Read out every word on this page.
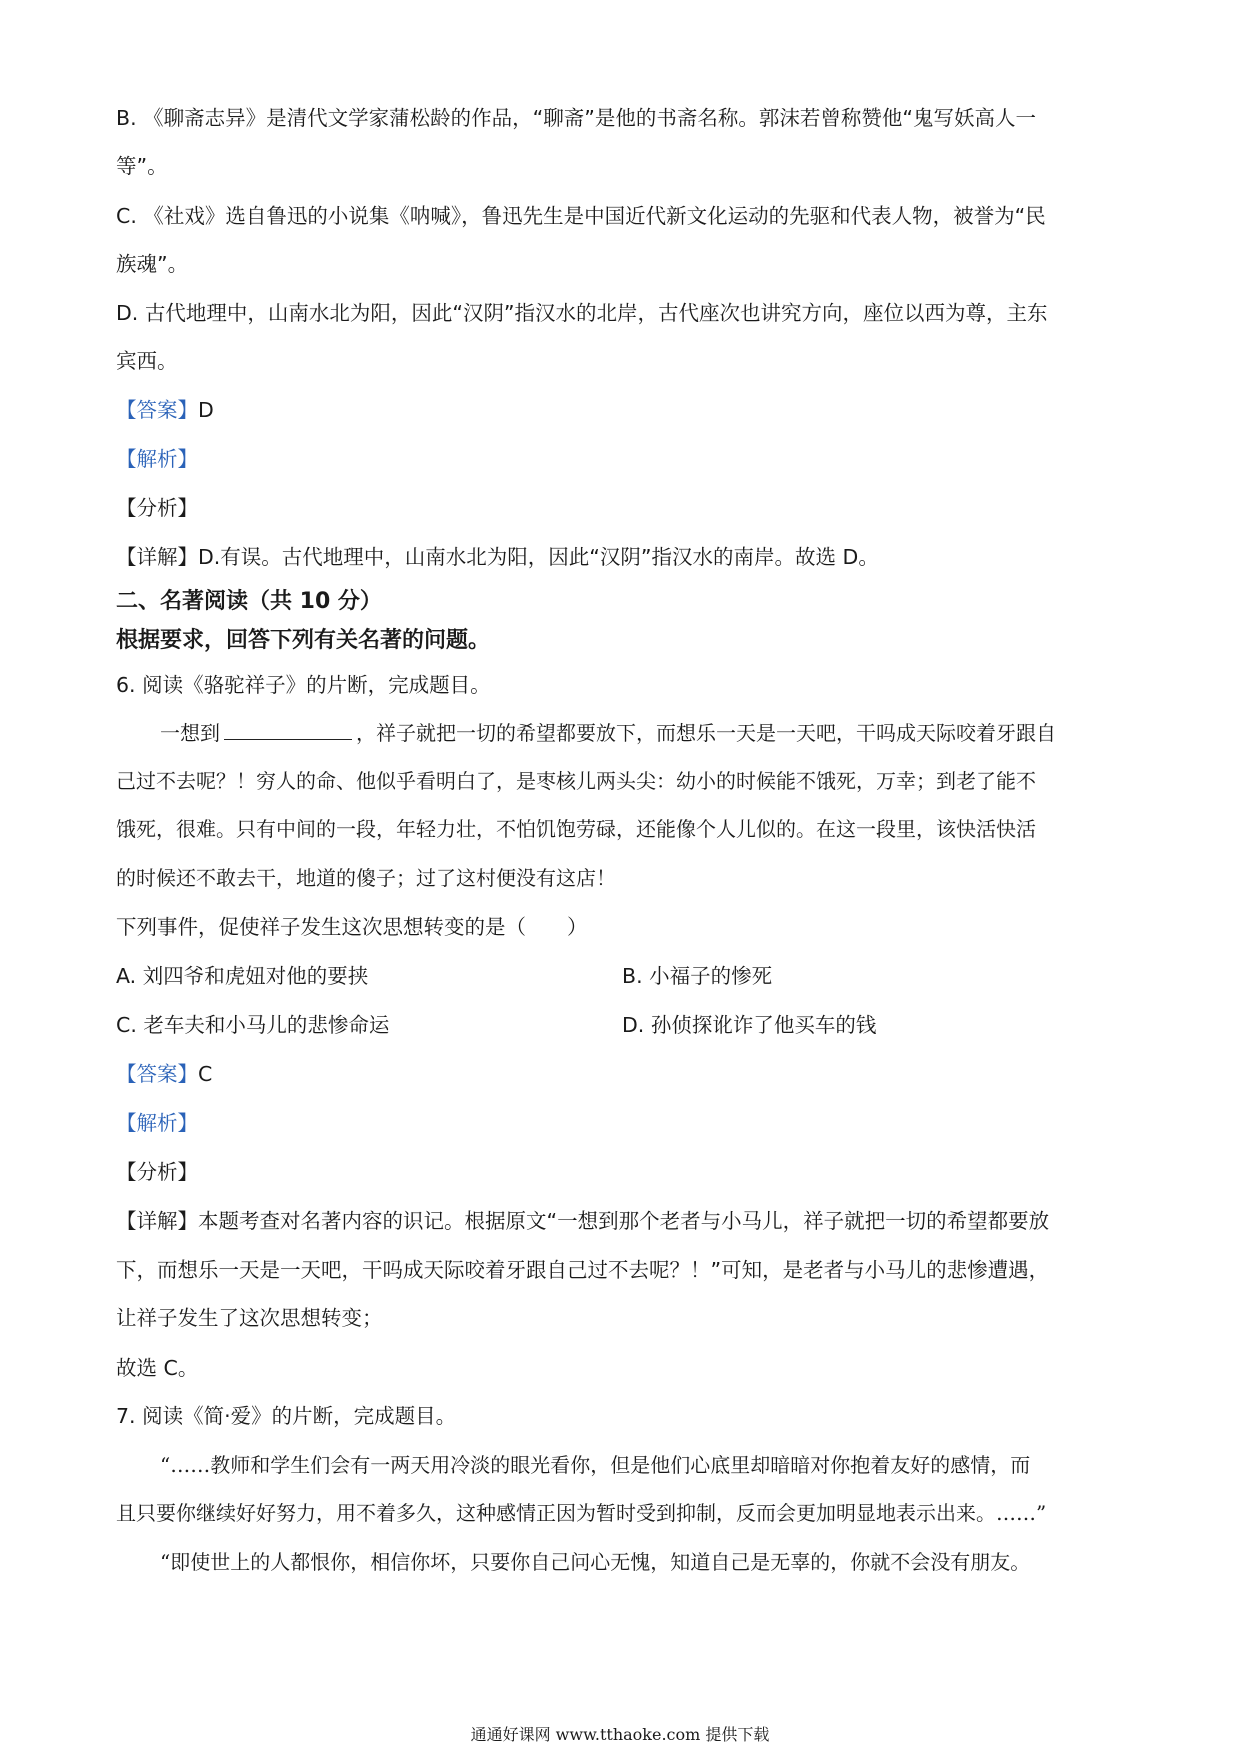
B. 《聊斋志异》是清代文学家蒲松龄的作品，“聊斋”是他的书斋名称。郭沫若曾称赞他“鬼写妖高人一
等”。
C. 《社戏》选自鲁迅的小说集《呐喊》，鲁迅先生是中国近代新文化运动的先驱和代表人物，被誉为“民
族魂”。
D. 古代地理中，山南水北为阳，因此“汉阴”指汉水的北岸，古代座次也讲究方向，座位以西为尊，主东
宾西。
【答案】D
【解析】
【分析】
【详解】D.有误。古代地理中，山南水北为阳，因此“汉阴”指汉水的南岸。故选 D。
二、名著阅读（共 10 分）
根据要求，回答下列有关名著的问题。
6. 阅读《骆驼祥子》的片断，完成题目。
一想到	，祥子就把一切的希望都要放下，而想乐一天是一天吧，干吗成天际咬着牙跟自
己过不去呢？！穷人的命、他似乎看明白了，是枣核儿两头尖：幼小的时候能不饿死，万幸；到老了能不
饿死，很难。只有中间的一段，年轻力壮，不怕饥饱劳碌，还能像个人儿似的。在这一段里，该快活快活
的时候还不敢去干，地道的傻子；过了这村便没有这店！
下列事件，促使祥子发生这次思想转变的是（　　）
A. 刘四爷和虎妞对他的要挟	B. 小福子的惨死
C. 老车夫和小马儿的悲惨命运	D. 孙侦探讹诈了他买车的钱
【答案】C
【解析】
【分析】
【详解】本题考查对名著内容的识记。根据原文“一想到那个老者与小马儿，祥子就把一切的希望都要放
下，而想乐一天是一天吧，干吗成天际咬着牙跟自己过不去呢？！”可知，是老者与小马儿的悲惨遭遇，
让祥子发生了这次思想转变；
故选 C。
7. 阅读《简·爱》的片断，完成题目。
“……教师和学生们会有一两天用冷淡的眼光看你，但是他们心底里却暗暗对你抱着友好的感情，而
且只要你继续好好努力，用不着多久，这种感情正因为暂时受到抑制，反而会更加明显地表示出来。……”
“即使世上的人都恨你，相信你坏，只要你自己问心无愧，知道自己是无辜的，你就不会没有朋友。
通通好课网 www.tthaoke.com 提供下载
